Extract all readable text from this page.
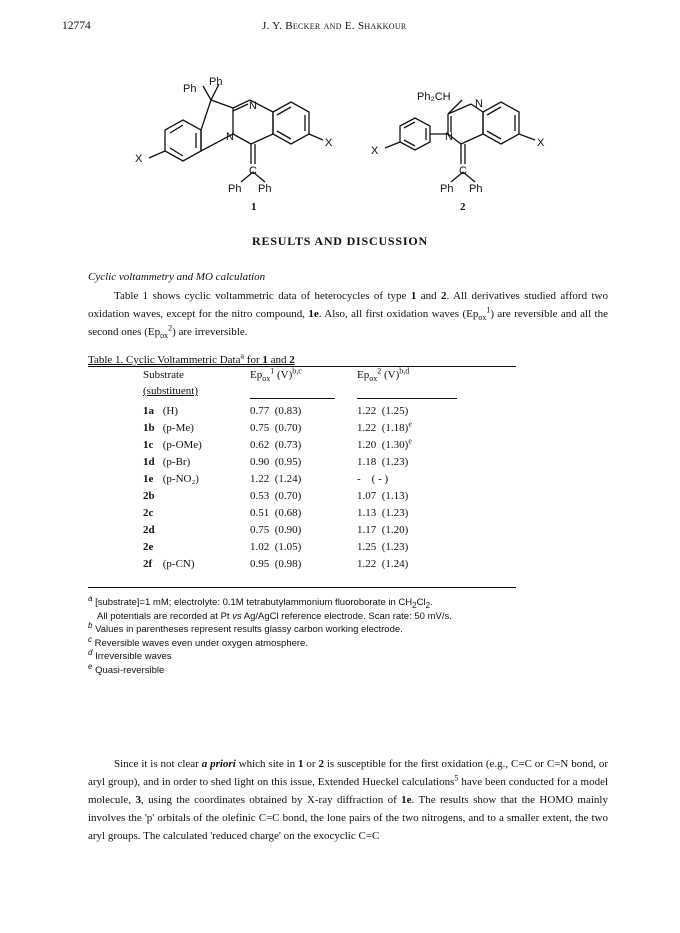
12774	J. Y. Becker and E. Shakkour
Ph
Ph
N
N	X
X
C
Ph Ph
1
Ph₂CH
N
N	X
X
C
Ph Ph
2
RESULTS AND DISCUSSION
Cyclic voltammetry and MO calculation
Table 1 shows cyclic voltammetric data of heterocycles of type 1 and 2. All derivatives studied afford two oxidation waves, except for the nitro compound, 1e. Also, all first oxidation waves $(Ep_{ox}^1)$ are reversible and all the second ones $(Ep_{ox}^2)$ are irreversible.
Table 1. Cyclic Voltammetric Data$^a$ for 1 and 2
Substrate	$Ep_{ox}^1$ $(V)^{b,c}$	$Ep_{ox}^2$ $(V)^{b,d}$
(substituent)
1a (H)	0.77  (0.83)	1.22  (1.25)
1b (p-Me)	0.75  (0.70)	1.22  $(1.18)^e$
1c (p-OMe)	0.62  (0.73)	1.20  $(1.30)^e$
1d (p-Br)	0.90  (0.95)	1.18  (1.23)
1e (p-NO₂)	1.22  (1.24)	-    ( - )
2b	0.53  (0.70)	1.07  (1.13)
2c	0.51  (0.68)	1.13  (1.23)
2d	0.75  (0.90)	1.17  (1.20)
2e	1.02  (1.05)	1.25  (1.23)
2f (p-CN)	0.95  (0.98)	1.22  (1.24)
$^a$ [substrate]=1 mM; electrolyte: 0.1M tetrabutylammonium fluoroborate in $CH_2Cl_2$.
All potentials are recorded at Pt vs Ag/AgCl reference electrode. Scan rate: 50 mV/s.
$^b$ Values in parentheses represent results glassy carbon working electrode.
$^c$ Reversible waves even under oxygen atmosphere.
$^d$ Irreversible waves
$^e$ Quasi-reversible
Since it is not clear a priori which site in 1 or 2 is susceptible for the first oxidation (e.g., C=C or C=N bond, or aryl group), and in order to shed light on this issue, Extended Hueckel calculations$^5$ have been conducted for a model molecule, 3, using the coordinates obtained by X-ray diffraction of 1e. The results show that the HOMO mainly involves the 'p' orbitals of the olefinic C=C bond, the lone pairs of the two nitrogens, and to a smaller extent, the two aryl groups. The calculated 'reduced charge' on the exocyclic C=C
